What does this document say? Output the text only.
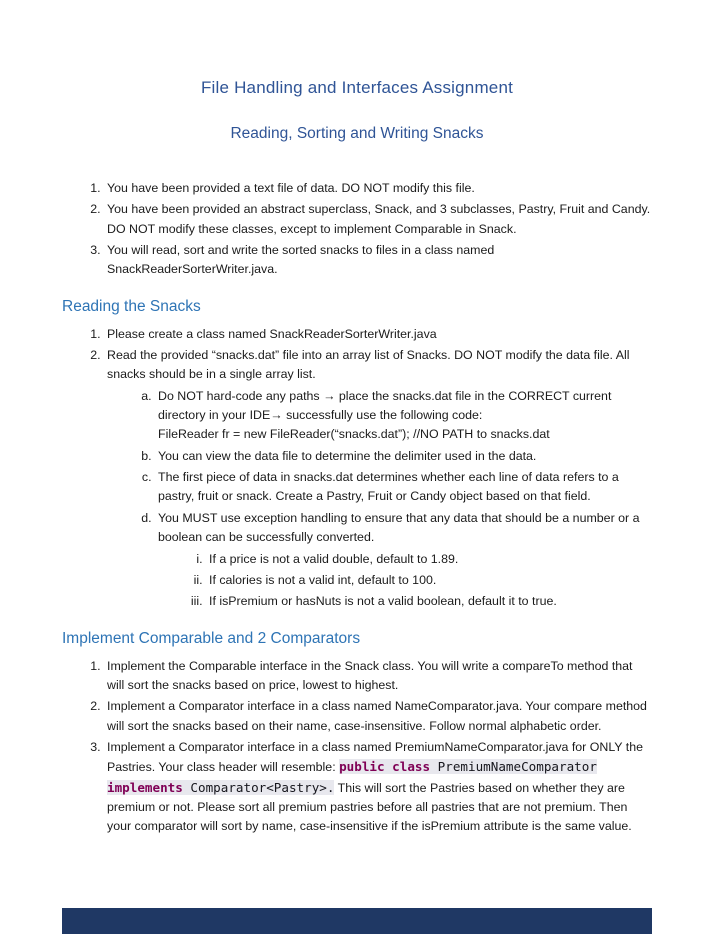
File Handling and Interfaces Assignment
Reading, Sorting and Writing Snacks
1. You have been provided a text file of data. DO NOT modify this file.
2. You have been provided an abstract superclass, Snack, and 3 subclasses, Pastry, Fruit and Candy. DO NOT modify these classes, except to implement Comparable in Snack.
3. You will read, sort and write the sorted snacks to files in a class named SnackReaderSorterWriter.java.
Reading the Snacks
1. Please create a class named SnackReaderSorterWriter.java
2. Read the provided “snacks.dat” file into an array list of Snacks. DO NOT modify the data file. All snacks should be in a single array list.
a. Do NOT hard-code any paths → place the snacks.dat file in the CORRECT current directory in your IDE→ successfully use the following code:
FileReader fr = new FileReader(“snacks.dat”); //NO PATH to snacks.dat
b. You can view the data file to determine the delimiter used in the data.
c. The first piece of data in snacks.dat determines whether each line of data refers to a pastry, fruit or snack. Create a Pastry, Fruit or Candy object based on that field.
d. You MUST use exception handling to ensure that any data that should be a number or a boolean can be successfully converted.
i. If a price is not a valid double, default to 1.89.
ii. If calories is not a valid int, default to 100.
iii. If isPremium or hasNuts is not a valid boolean, default it to true.
Implement Comparable and 2 Comparators
1. Implement the Comparable interface in the Snack class. You will write a compareTo method that will sort the snacks based on price, lowest to highest.
2. Implement a Comparator interface in a class named NameComparator.java. Your compare method will sort the snacks based on their name, case-insensitive. Follow normal alphabetic order.
3. Implement a Comparator interface in a class named PremiumNameComparator.java for ONLY the Pastries. Your class header will resemble: public class PremiumNameComparator implements Comparator<Pastry>. This will sort the Pastries based on whether they are premium or not. Please sort all premium pastries before all pastries that are not premium. Then your comparator will sort by name, case-insensitive if the isPremium attribute is the same value.
